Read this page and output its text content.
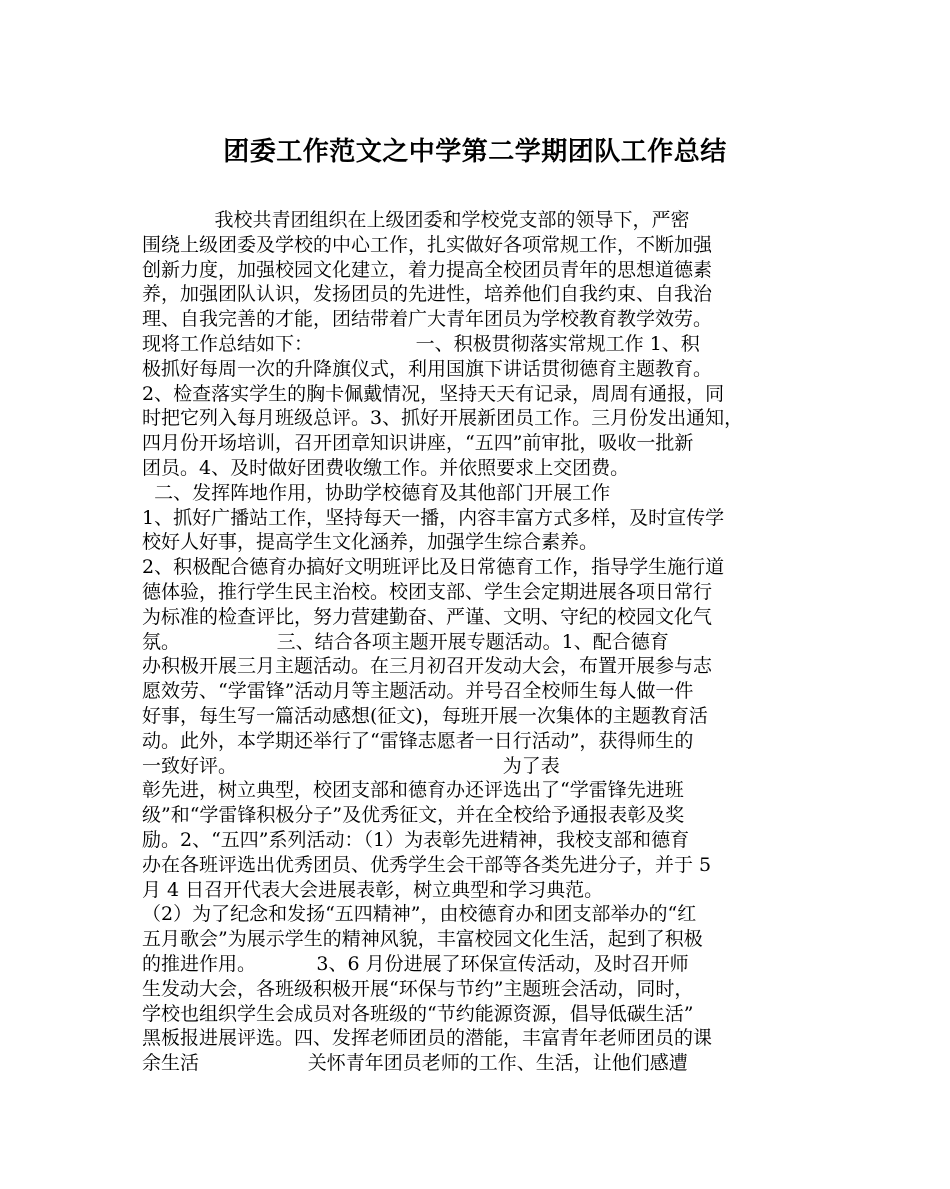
团委工作范文之中学第二学期团队工作总结
我校共青团组织在上级团委和学校党支部的领导下，严密
围绕上级团委及学校的中心工作，扎实做好各项常规工作，不断加强
创新力度，加强校园文化建立，着力提高全校团员青年的思想道德素
养，加强团队认识，发扬团员的先进性，培养他们自我约束、自我治
理、自我完善的才能，团结带着广大青年团员为学校教育教学效劳。
现将工作总结如下：                 一、积极贯彻落实常规工作 1、积
极抓好每周一次的升降旗仪式，利用国旗下讲话贯彻德育主题教育。
2、检查落实学生的胸卡佩戴情况，坚持天天有记录，周周有通报，同
时把它列入每月班级总评。3、抓好开展新团员工作。三月份发出通知，
四月份开场培训，召开团章知识讲座，“五四”前审批，吸收一批新
团员。4、及时做好团费收缴工作。并依照要求上交团费。
二、发挥阵地作用，协助学校德育及其他部门开展工作
1、抓好广播站工作，坚持每天一播，内容丰富方式多样，及时宣传学
校好人好事，提高学生文化涵养，加强学生综合素养。
2、积极配合德育办搞好文明班评比及日常德育工作，指导学生施行道
德体验，推行学生民主治校。校团支部、学生会定期进展各项日常行
为标准的检查评比，努力营建勤奋、严谨、文明、守纪的校园文化气
氛。                三、结合各项主题开展专题活动。1、配合德育
办积极开展三月主题活动。在三月初召开发动大会，布置开展参与志
愿效劳、“学雷锋”活动月等主题活动。并号召全校师生每人做一件
好事，每生写一篇活动感想(征文)，每班开展一次集体的主题教育活
动。此外，本学期还举行了“雷锋志愿者一日行活动”，获得师生的
一致好评。                                            为了表
彰先进，树立典型，校团支部和德育办还评选出了“学雷锋先进班
级”和“学雷锋积极分子”及优秀征文，并在全校给予通报表彰及奖
励。2、“五四”系列活动：（1）为表彰先进精神，我校支部和德育
办在各班评选出优秀团员、优秀学生会干部等各类先进分子，并于 5
月 4 日召开代表大会进展表彰，树立典型和学习典范。
（2）为了纪念和发扬“五四精神”，由校德育办和团支部举办的“红
五月歌会”为展示学生的精神风貌，丰富校园文化生活，起到了积极
的推进作用。          3、6 月份进展了环保宣传活动，及时召开师
生发动大会，各班级积极开展“环保与节约”主题班会活动，同时，
学校也组织学生会成员对各班级的“节约能源资源，倡导低碳生活”
黑板报进展评选。四、发挥老师团员的潜能，丰富青年老师团员的课
余生活                  关怀青年团员老师的工作、生活，让他们感遭
